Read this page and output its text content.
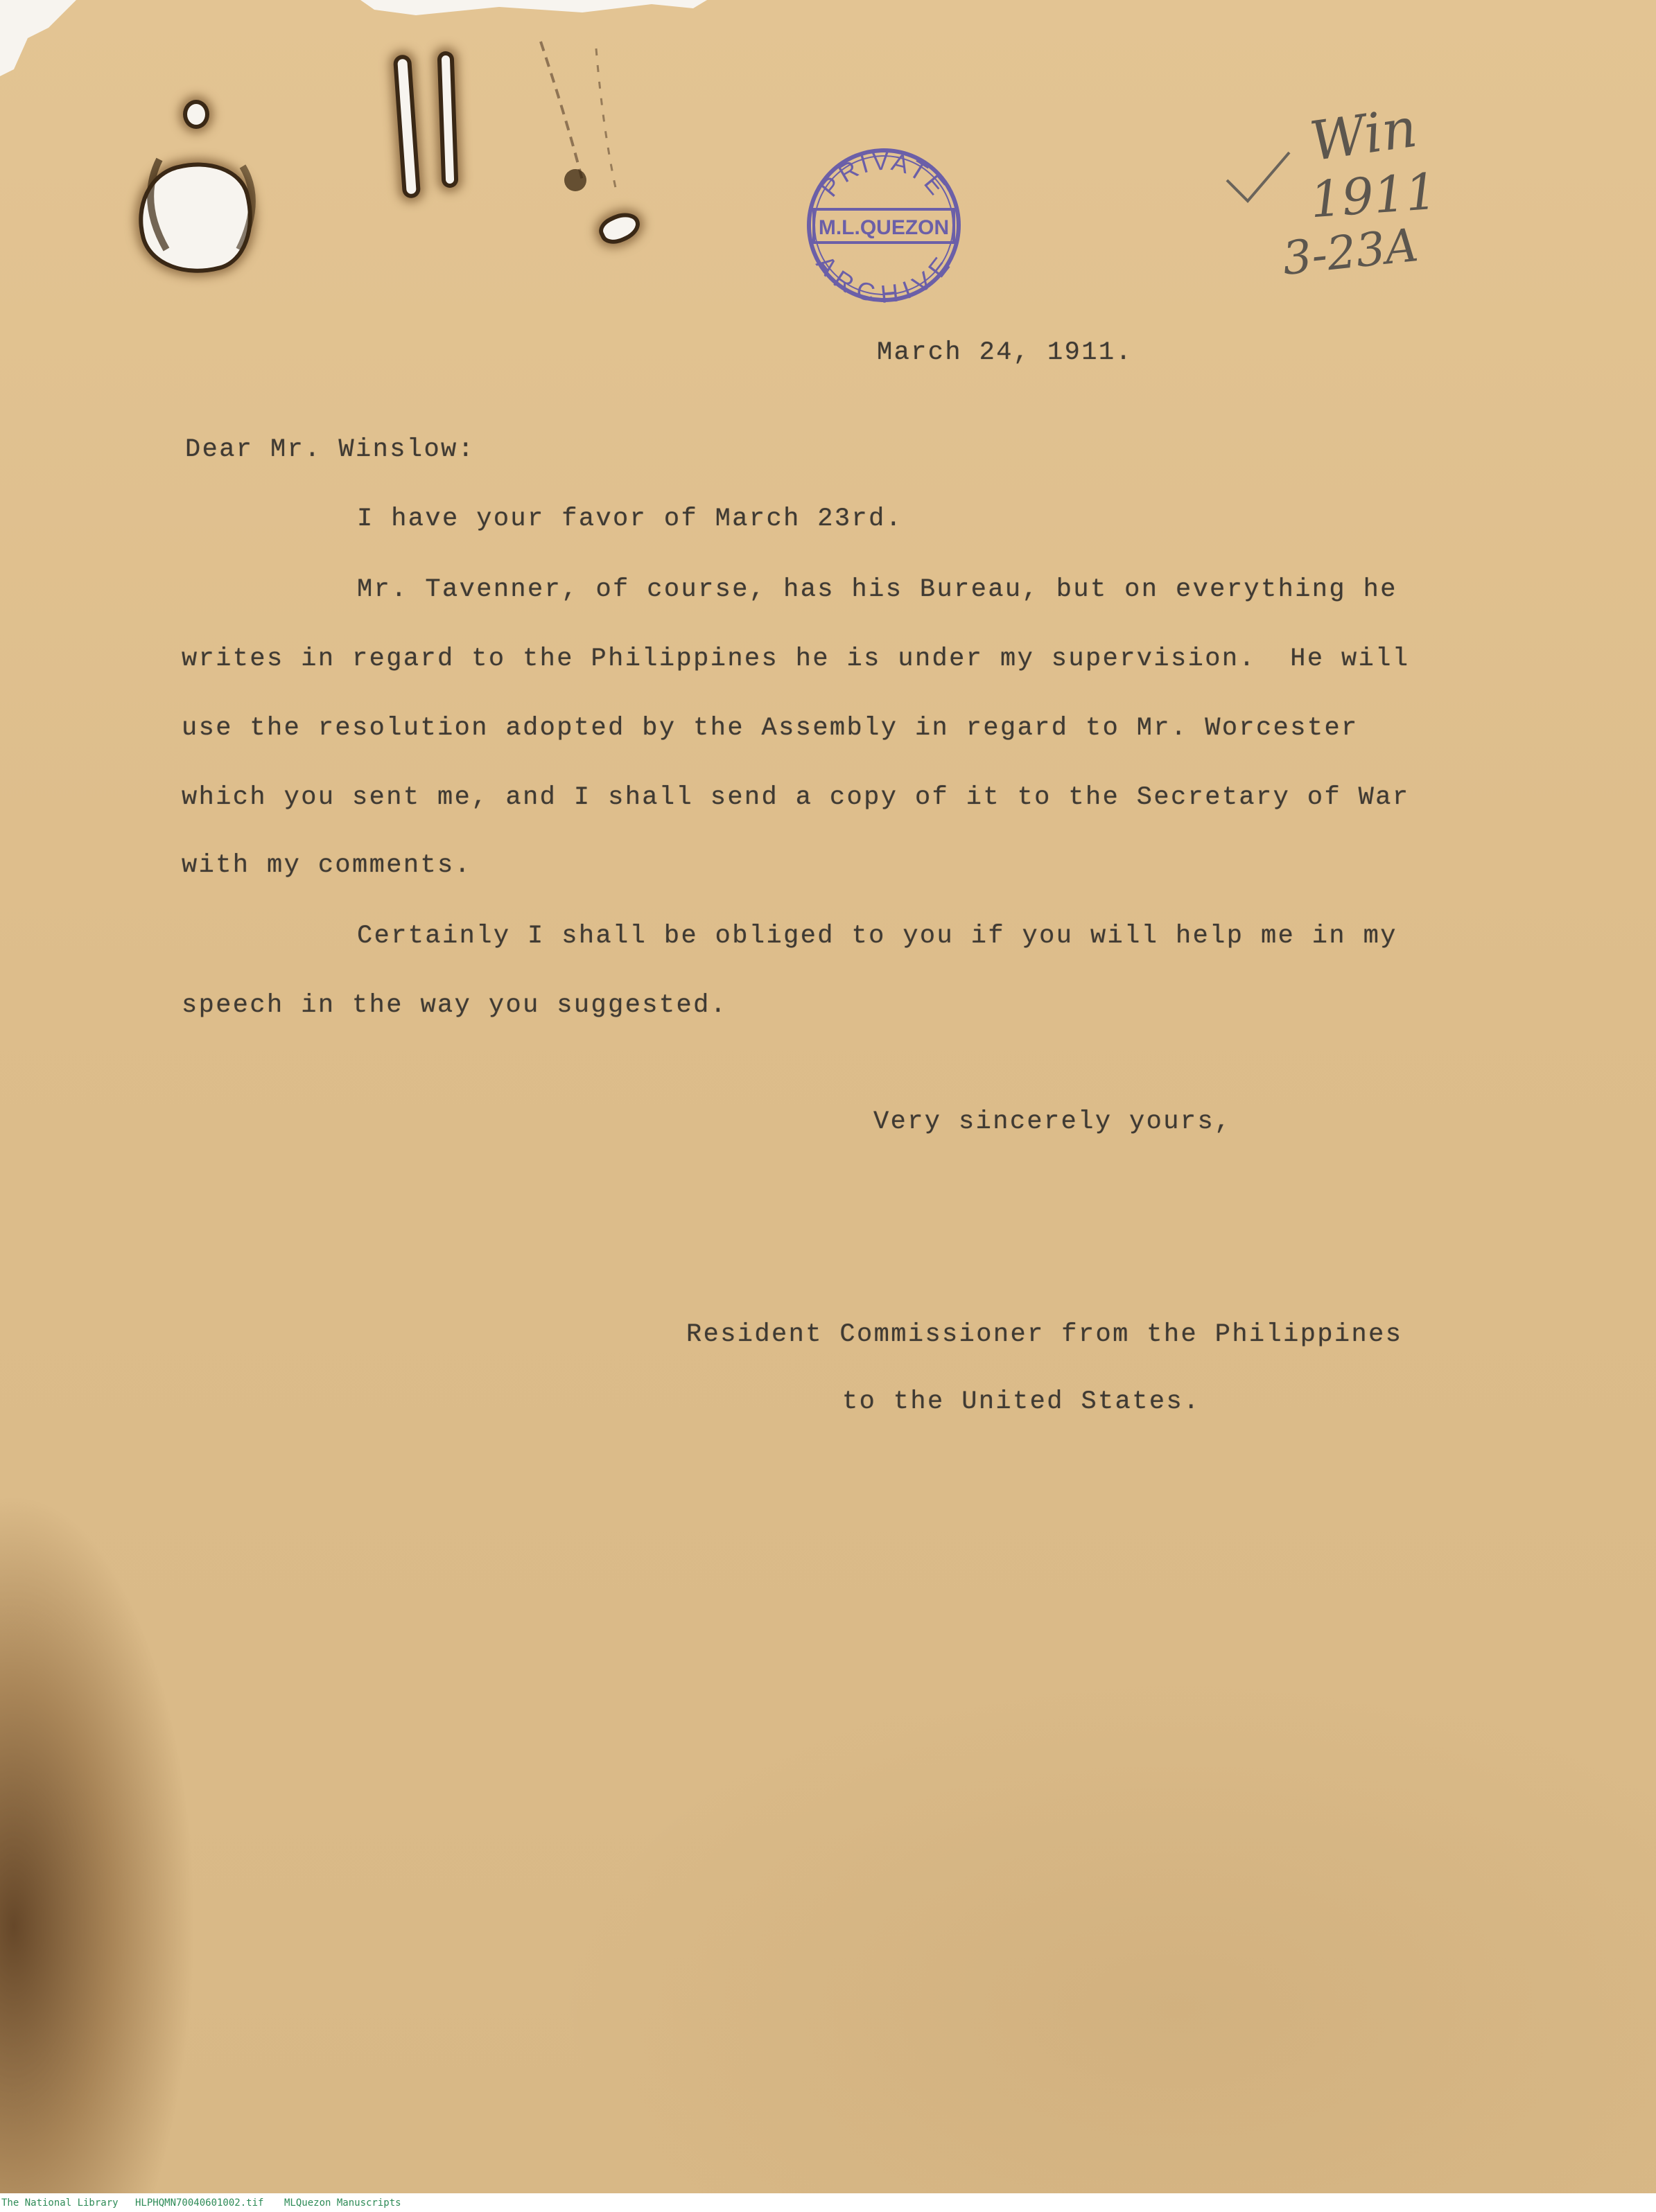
PRIVATE
M.L.QUEZON
ARCHIVE

Win

1911

3-23A

March 24, 1911.

Dear Mr. Winslow:

I have your favor of March 23rd.

Mr. Tavenner, of course, has his Bureau, but on everything he

writes in regard to the Philippines he is under my supervision.  He will

use the resolution adopted by the Assembly in regard to Mr. Worcester

which you sent me, and I shall send a copy of it to the Secretary of War

with my comments.

Certainly I shall be obliged to you if you will help me in my

speech in the way you suggested.

Very sincerely yours,

Resident Commissioner from the Philippines

to the United States.

The National Library HLPHQMN70040601002.tif MLQuezon Manuscripts
